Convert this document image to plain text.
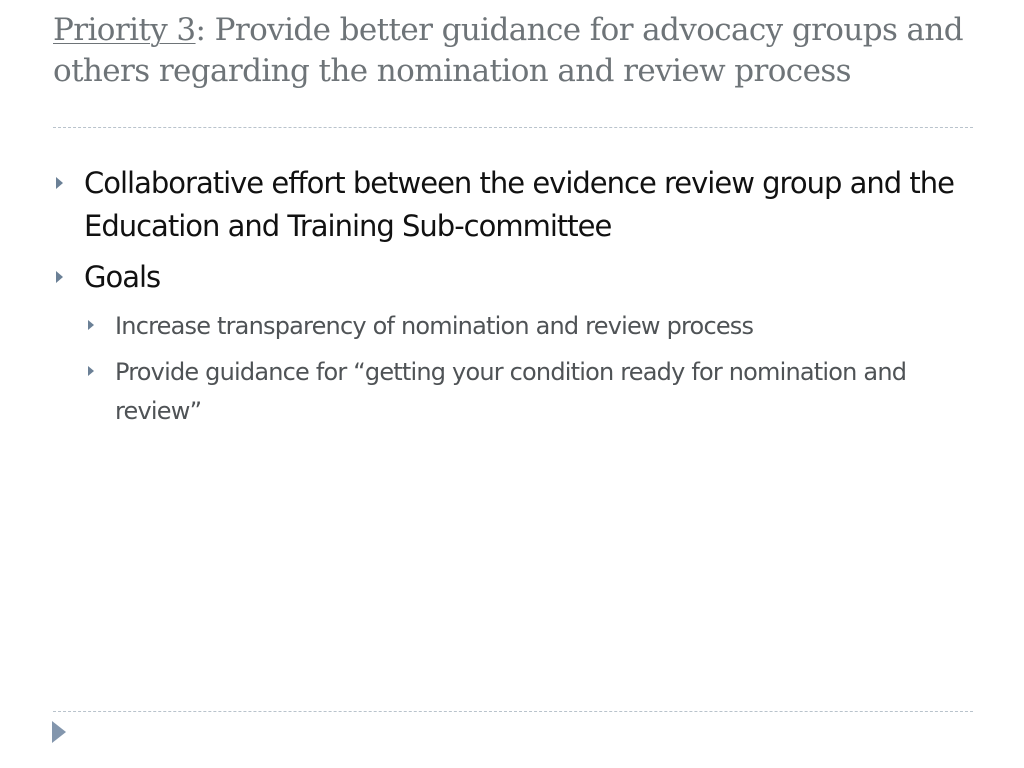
Priority 3: Provide better guidance for advocacy groups and others regarding the nomination and review process
Collaborative effort between the evidence review group and the Education and Training Sub-committee
Goals
Increase transparency of nomination and review process
Provide guidance for “getting your condition ready for nomination and review”
